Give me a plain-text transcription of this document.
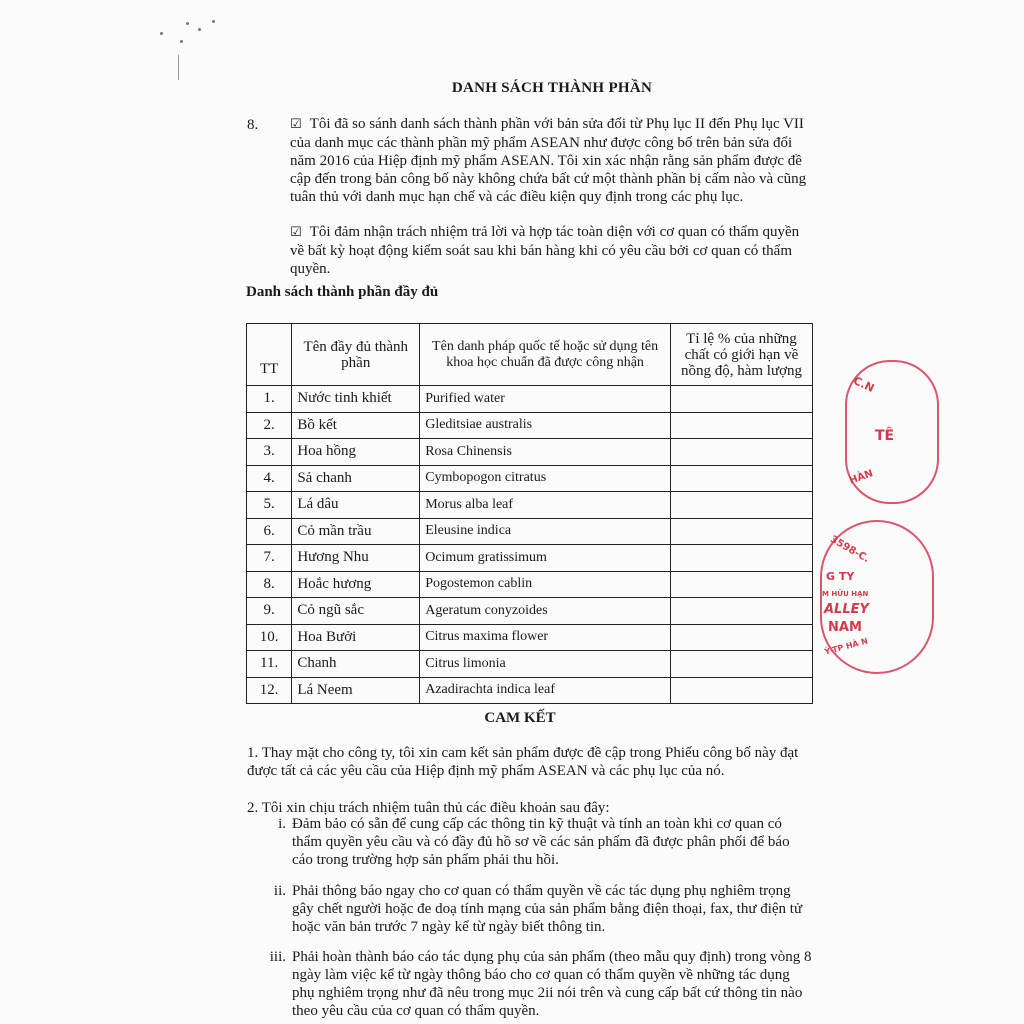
DANH SÁCH THÀNH PHẦN
8. ☑ Tôi đã so sánh danh sách thành phần với bản sửa đổi từ Phụ lục II đến Phụ lục VII của danh mục các thành phần mỹ phẩm ASEAN như được công bố trên bản sửa đổi năm 2016 của Hiệp định mỹ phẩm ASEAN. Tôi xin xác nhận rằng sản phẩm được đề cập đến trong bản công bố này không chứa bất cứ một thành phần bị cấm nào và cũng tuân thủ với danh mục hạn chế và các điều kiện quy định trong các phụ lục.
☑ Tôi đảm nhận trách nhiệm trả lời và hợp tác toàn diện với cơ quan có thẩm quyền về bất kỳ hoạt động kiểm soát sau khi bán hàng khi có yêu cầu bởi cơ quan có thẩm quyền.
Danh sách thành phần đầy đủ
TT	Tên đầy đủ thành phần	Tên danh pháp quốc tế hoặc sử dụng tên khoa học chuẩn đã được công nhận	Tỉ lệ % của những chất có giới hạn về nồng độ, hàm lượng
1.	Nước tinh khiết	Purified water	
2.	Bồ kết	Gleditsiae australis	
3.	Hoa hồng	Rosa Chinensis	
4.	Sả chanh	Cymbopogon citratus	
5.	Lá dâu	Morus alba leaf	
6.	Cỏ mần trầu	Eleusine indica	
7.	Hương Nhu	Ocimum gratissimum	
8.	Hoắc hương	Pogostemon cablin	
9.	Cỏ ngũ sắc	Ageratum conyzoides	
10.	Hoa Bưởi	Citrus maxima flower	
11.	Chanh	Citrus limonia	
12.	Lá Neem	Azadirachta indica leaf	
CAM KẾT
1. Thay mặt cho công ty, tôi xin cam kết sản phẩm được đề cập trong Phiếu công bố này đạt được tất cả các yêu cầu của Hiệp định mỹ phẩm ASEAN và các phụ lục của nó.
2. Tôi xin chịu trách nhiệm tuân thủ các điều khoản sau đây:
i. Đảm bảo có sẵn để cung cấp các thông tin kỹ thuật và tính an toàn khi cơ quan có thẩm quyền yêu cầu và có đầy đủ hồ sơ về các sản phẩm đã được phân phối để báo cáo trong trường hợp sản phẩm phải thu hồi.
ii. Phải thông báo ngay cho cơ quan có thẩm quyền về các tác dụng phụ nghiêm trọng gây chết người hoặc đe doạ tính mạng của sản phẩm bằng điện thoại, fax, thư điện tử hoặc văn bản trước 7 ngày kể từ ngày biết thông tin.
iii. Phải hoàn thành báo cáo tác dụng phụ của sản phẩm (theo mẫu quy định) trong vòng 8 ngày làm việc kể từ ngày thông báo cho cơ quan có thẩm quyền về những tác dụng phụ nghiêm trọng như đã nêu trong mục 2ii nói trên và cung cấp bất cứ thông tin nào theo yêu cầu của cơ quan có thẩm quyền.
C.N
TÊ
HÀN
3598-C.
G TY
M HỮU HẠN
ALLEY
NAM
Ỳ-TP HÀ N
